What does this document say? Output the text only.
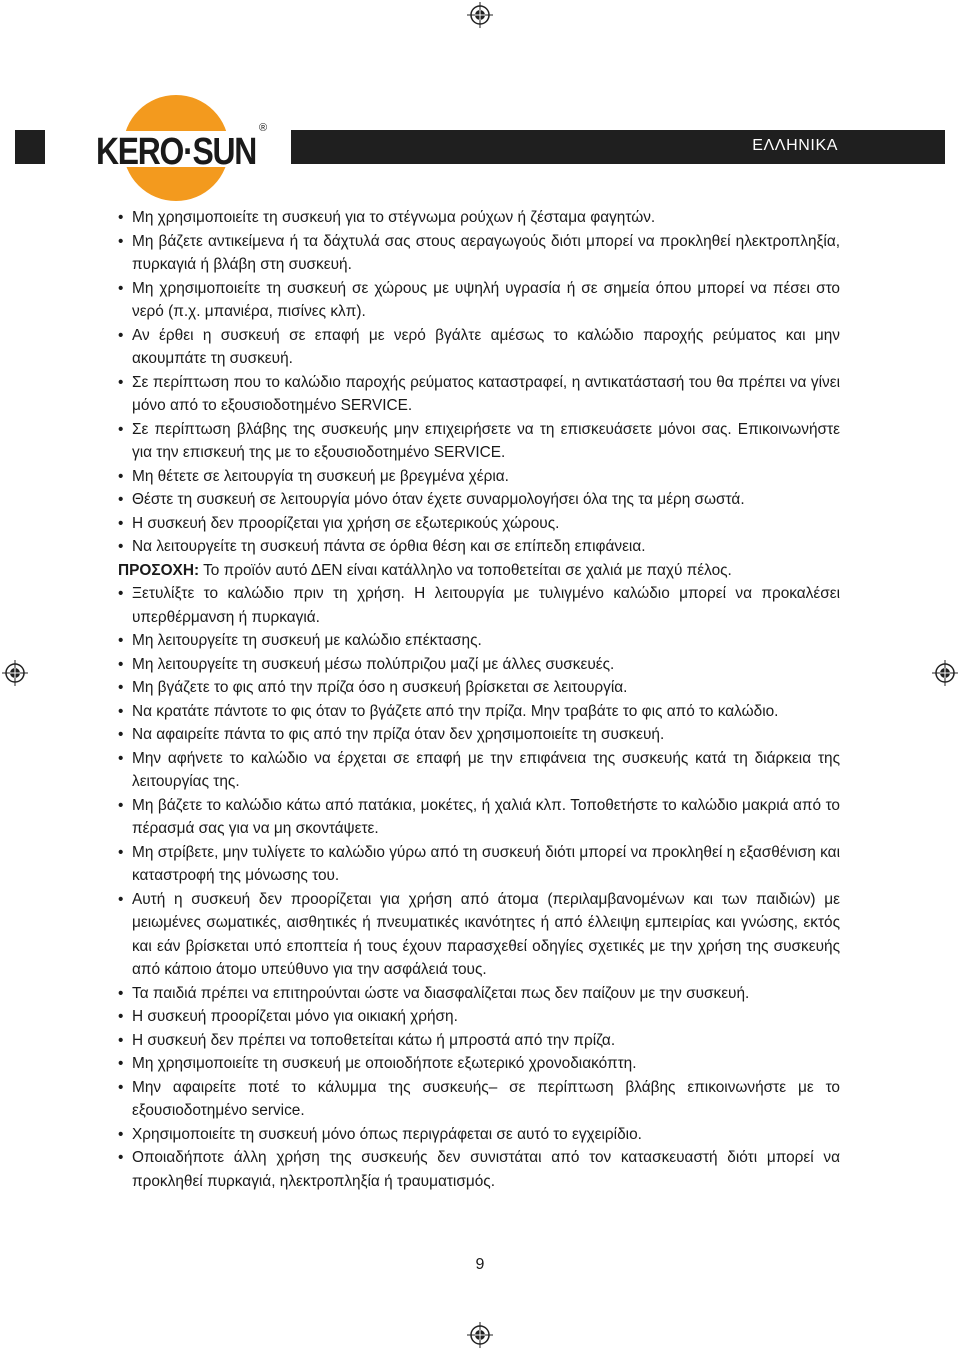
KERO·SUN
®
ΕΛΛΗΝΙΚΑ
• Μη χρησιμοποιείτε τη συσκευή για το στέγνωμα ρούχων ή ζέσταμα φαγητών.
• Μη βάζετε αντικείμενα ή τα δάχτυλά σας στους αεραγωγούς διότι μπορεί να προκληθεί ηλεκτροπληξία, πυρκαγιά ή βλάβη στη συσκευή.
• Μη χρησιμοποιείτε τη συσκευή σε χώρους με υψηλή υγρασία ή σε σημεία όπου μπορεί να πέσει στο νερό (π.χ. μπανιέρα, πισίνες κλπ).
• Αν έρθει η συσκευή σε επαφή με νερό βγάλτε αμέσως το καλώδιο παροχής ρεύματος και μην ακουμπάτε τη συσκευή.
• Σε περίπτωση που το καλώδιο παροχής ρεύματος καταστραφεί, η αντικατάστασή του θα πρέπει να γίνει μόνο από το εξουσιοδοτημένο SERVICE.
• Σε περίπτωση βλάβης της συσκευής μην επιχειρήσετε να τη επισκευάσετε μόνοι σας. Επικοινωνήστε για την επισκευή της με το εξουσιοδοτημένο SERVICE.
• Μη θέτετε σε λειτουργία τη συσκευή με βρεγμένα χέρια.
• Θέστε τη συσκευή σε λειτουργία μόνο όταν έχετε συναρμολογήσει όλα της τα μέρη σωστά.
• Η συσκευή δεν προορίζεται για χρήση σε εξωτερικούς χώρους.
• Να λειτουργείτε τη συσκευή πάντα σε όρθια θέση και σε επίπεδη επιφάνεια.
ΠΡΟΣΟΧΗ: Το προϊόν αυτό ΔΕΝ είναι κατάλληλο να τοποθετείται σε χαλιά με παχύ πέλος.
• Ξετυλίξτε το καλώδιο πριν τη χρήση. Η λειτουργία με τυλιγμένο καλώδιο μπορεί να προκαλέσει υπερθέρμανση ή πυρκαγιά.
• Μη λειτουργείτε τη συσκευή με καλώδιο επέκτασης.
• Μη λειτουργείτε τη συσκευή μέσω πολύπριζου μαζί με άλλες συσκευές.
• Μη βγάζετε το φις από την πρίζα όσο η συσκευή βρίσκεται σε λειτουργία.
• Να κρατάτε πάντοτε το φις όταν το βγάζετε από την πρίζα. Μην τραβάτε το φις από το καλώδιο.
• Να αφαιρείτε πάντα το φις από την πρίζα όταν δεν χρησιμοποιείτε τη συσκευή.
• Μην αφήνετε το καλώδιο να έρχεται σε επαφή με την επιφάνεια της συσκευής κατά τη διάρκεια της λειτουργίας της.
• Μη βάζετε το καλώδιο κάτω από πατάκια, μοκέτες, ή χαλιά κλπ. Τοποθετήστε το καλώδιο μακριά από το πέρασμά σας για να μη σκοντάψετε.
• Μη στρίβετε, μην τυλίγετε το καλώδιο γύρω από τη συσκευή διότι μπορεί να προκληθεί η εξασθένιση και καταστροφή της μόνωσης του.
• Αυτή η συσκευή δεν προορίζεται για χρήση από άτομα (περιλαμβανομένων και των παιδιών) με μειωμένες σωματικές, αισθητικές ή πνευματικές ικανότητες ή από έλλειψη εμπειρίας και γνώσης, εκτός και εάν βρίσκεται υπό εποπτεία ή τους έχουν παρασχεθεί οδηγίες σχετικές με την χρήση της συσκευής από κάποιο άτομο υπεύθυνο για την ασφάλειά τους.
• Τα παιδιά πρέπει να επιτηρούνται ώστε να διασφαλίζεται πως δεν παίζουν με την συσκευή.
• Η συσκευή προορίζεται μόνο για οικιακή χρήση.
• Η συσκευή δεν πρέπει να τοποθετείται κάτω ή μπροστά από την πρίζα.
• Μη χρησιμοποιείτε τη συσκευή με οποιοδήποτε εξωτερικό χρονοδιακόπτη.
• Μην αφαιρείτε ποτέ το κάλυμμα της συσκευής– σε περίπτωση βλάβης επικοινωνήστε με το εξουσιοδοτημένο service.
• Χρησιμοποιείτε τη συσκευή μόνο όπως περιγράφεται σε αυτό το εγχειρίδιο.
• Οποιαδήποτε άλλη χρήση της συσκευής δεν συνιστάται από τον κατασκευαστή διότι μπορεί να προκληθεί πυρκαγιά, ηλεκτροπληξία ή τραυματισμός.
9
